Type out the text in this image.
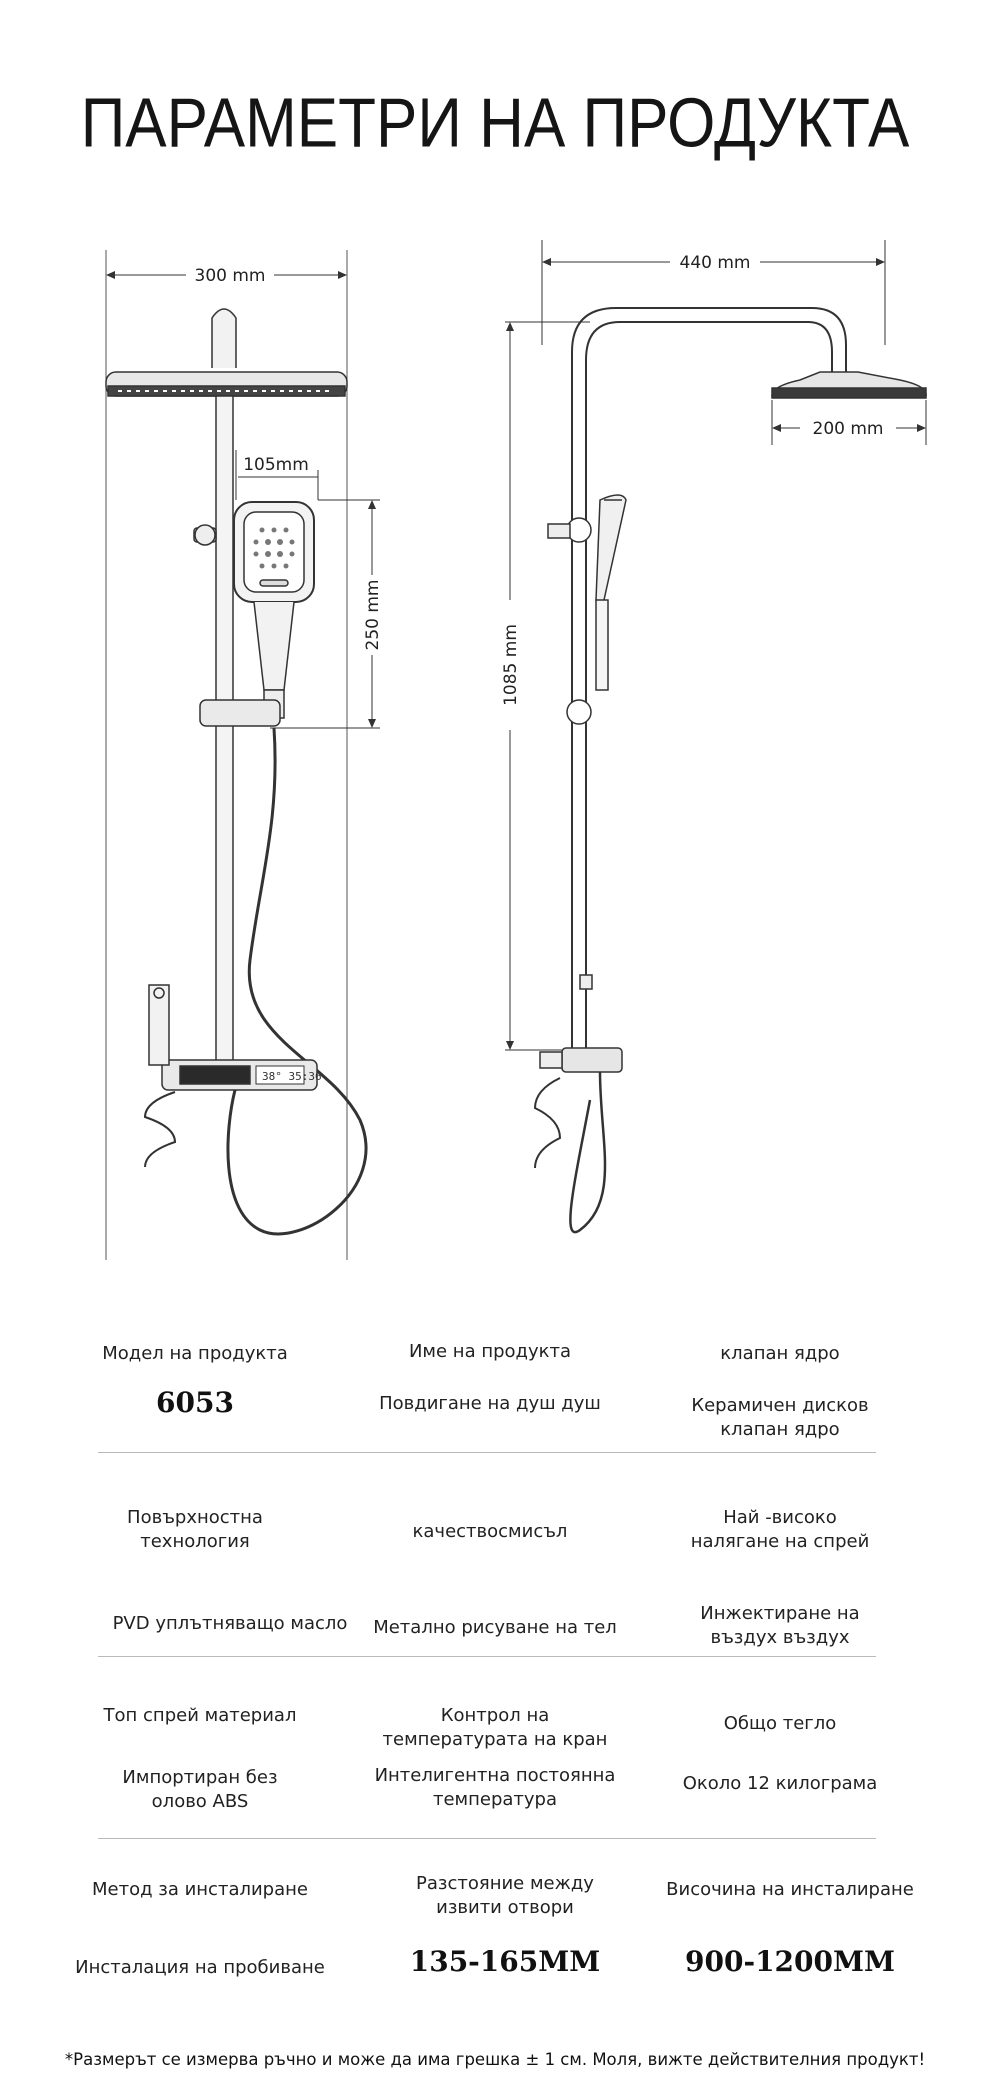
ПАРАМЕТРИ НА ПРОДУКТА
38° 35:36
300 mm
105mm
250 mm
440 mm
200 mm
1085 mm
Модел на продукта
6053
Име на продукта
Повдигане на душ душ
клапан ядро
Керамичен дисков
клапан ядро
Повърхностна
технология
PVD уплътняващо масло
качествосмисъл
Метално рисуване на тел
Най -високо
налягане на спрей
Инжектиране на
въздух въздух
Топ спрей материал
Импортиран без
олово ABS
Контрол на
температурата на кран
Интелигентна постоянна
температура
Общо тегло
Около 12 килограма
Метод за инсталиране
Инсталация на пробиване
Разстояние между
извити отвори
135-165MM
Височина на инсталиране
900-1200MM
*Размерът се измерва ръчно и може да има грешка ± 1 см. Моля, вижте действителния продукт!
